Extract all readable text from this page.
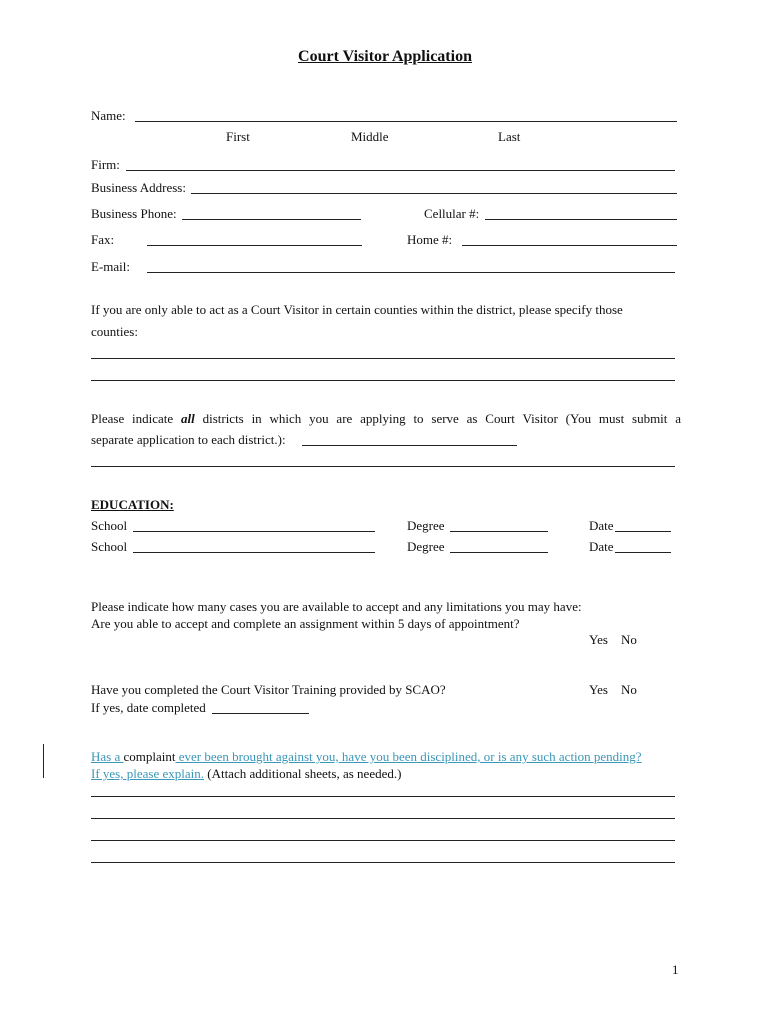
Court Visitor Application
Name:
First	Middle	Last
Firm:
Business Address:
Business Phone:	Cellular #:
Fax:	Home #:
E-mail:
If you are only able to act as a Court Visitor in certain counties within the district, please specify those
counties:
Please indicate all districts in which you are applying to serve as Court Visitor (You must submit a
separate application to each district.):
EDUCATION:
School	Degree	Date
School	Degree	Date
Please indicate how many cases you are available to accept and any limitations you may have:
Are you able to accept and complete an assignment within 5 days of appointment?
Yes No
Have you completed the Court Visitor Training provided by SCAO?	Yes No
If yes, date completed
Has a complaint ever been brought against you, have you been disciplined, or is any such action pending?
If yes, please explain. (Attach additional sheets, as needed.)
1
